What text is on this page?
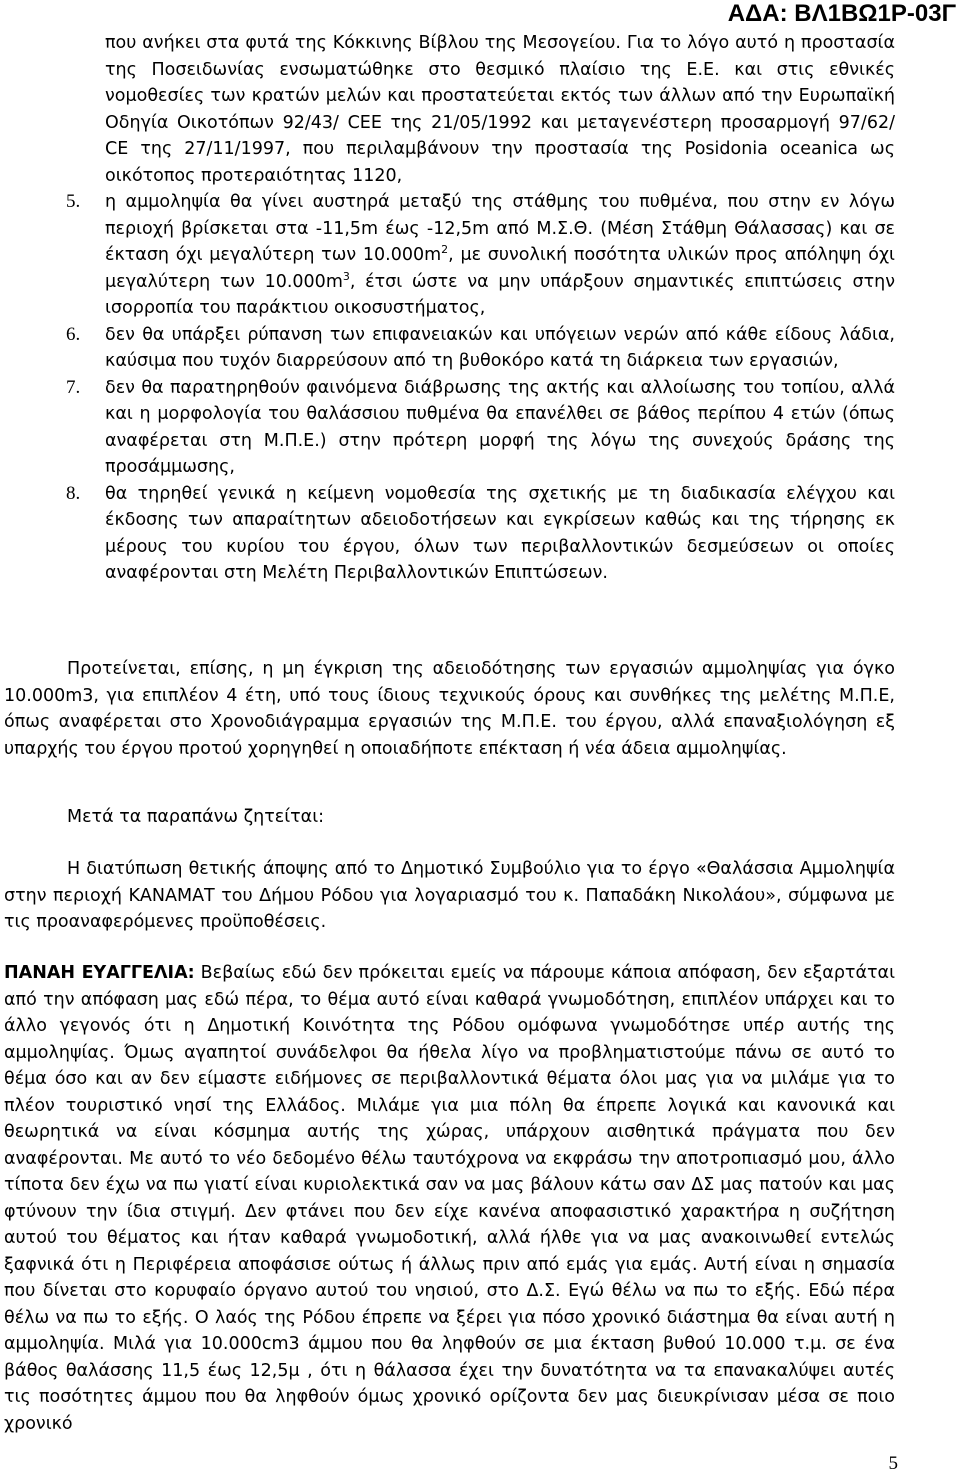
ΑΔΑ: ΒΛ1ΒΩ1Ρ-03Γ
που ανήκει στα φυτά της Κόκκινης Βίβλου της Μεσογείου. Για το λόγο αυτό η προστασία της Ποσειδωνίας ενσωματώθηκε στο θεσμικό πλαίσιο της Ε.Ε. και στις εθνικές νομοθεσίες των κρατών μελών και προστατεύεται εκτός των άλλων από την Ευρωπαϊκή Οδηγία Οικοτόπων 92/43/ CEE της 21/05/1992 και μεταγενέστερη προσαρμογή 97/62/ CE της 27/11/1997, που περιλαμβάνουν την προστασία της Posidonia oceanica ως οικότοπος προτεραιότητας 1120,
5. η αμμοληψία θα γίνει αυστηρά μεταξύ της στάθμης του πυθμένα, που στην εν λόγω περιοχή βρίσκεται στα -11,5m έως -12,5m από Μ.Σ.Θ. (Μέση Στάθμη Θάλασσας) και σε έκταση όχι μεγαλύτερη των $10.000m^2$, με συνολική ποσότητα υλικών προς απόληψη όχι μεγαλύτερη των $10.000m^3$, έτσι ώστε να μην υπάρξουν σημαντικές επιπτώσεις στην ισορροπία του παράκτιου οικοσυστήματος,
6. δεν θα υπάρξει ρύπανση των επιφανειακών και υπόγειων νερών από κάθε είδους λάδια, καύσιμα που τυχόν διαρρεύσουν από τη βυθοκόρο κατά τη διάρκεια των εργασιών,
7. δεν θα παρατηρηθούν φαινόμενα διάβρωσης της ακτής και αλλοίωσης του τοπίου, αλλά και η μορφολογία του θαλάσσιου πυθμένα θα επανέλθει σε βάθος περίπου 4 ετών (όπως αναφέρεται στη Μ.Π.Ε.) στην πρότερη μορφή της λόγω της συνεχούς δράσης της προσάμμωσης,
8. θα τηρηθεί γενικά η κείμενη νομοθεσία της σχετικής με τη διαδικασία ελέγχου και έκδοσης των απαραίτητων αδειοδοτήσεων και εγκρίσεων καθώς και της τήρησης εκ μέρους του κυρίου του έργου, όλων των περιβαλλοντικών δεσμεύσεων οι οποίες αναφέρονται στη Μελέτη Περιβαλλοντικών Επιπτώσεων.
Προτείνεται, επίσης, η μη έγκριση της αδειοδότησης των εργασιών αμμοληψίας για όγκο 10.000m3, για επιπλέον 4 έτη, υπό τους ίδιους τεχνικούς όρους και συνθήκες της μελέτης Μ.Π.Ε, όπως αναφέρεται στο Χρονοδιάγραμμα εργασιών της Μ.Π.Ε. του έργου, αλλά επαναξιολόγηση εξ υπαρχής του έργου προτού χορηγηθεί η οποιαδήποτε επέκταση ή νέα άδεια αμμοληψίας.
Μετά τα παραπάνω ζητείται:
Η διατύπωση θετικής άποψης από το Δημοτικό Συμβούλιο για το έργο «Θαλάσσια Αμμοληψία στην περιοχή ΚΑΝΑΜΑΤ του Δήμου Ρόδου για λογαριασμό του κ. Παπαδάκη Νικολάου», σύμφωνα με τις προαναφερόμενες προϋποθέσεις.
ΠΑΝΑΗ ΕΥΑΓΓΕΛΙΑ: Βεβαίως εδώ δεν πρόκειται εμείς να πάρουμε κάποια απόφαση, δεν εξαρτάται από την απόφαση μας εδώ πέρα, το θέμα αυτό είναι καθαρά γνωμοδότηση, επιπλέον υπάρχει και το άλλο γεγονός ότι η Δημοτική Κοινότητα της Ρόδου ομόφωνα γνωμοδότησε υπέρ αυτής της αμμοληψίας. Όμως αγαπητοί συνάδελφοι θα ήθελα λίγο να προβληματιστούμε πάνω σε αυτό το θέμα όσο και αν δεν είμαστε ειδήμονες σε περιβαλλοντικά θέματα όλοι μας για να μιλάμε για το πλέον τουριστικό νησί της Ελλάδος. Μιλάμε για μια πόλη θα έπρεπε λογικά και κανονικά και θεωρητικά να είναι κόσμημα αυτής της χώρας, υπάρχουν αισθητικά πράγματα που δεν αναφέρονται. Με αυτό το νέο δεδομένο θέλω ταυτόχρονα να εκφράσω την αποτροπιασμό μου, άλλο τίποτα δεν έχω να πω γιατί είναι κυριολεκτικά σαν να μας βάλουν κάτω σαν ΔΣ μας πατούν και μας φτύνουν την ίδια στιγμή. Δεν φτάνει που δεν είχε κανένα αποφασιστικό χαρακτήρα η συζήτηση αυτού του θέματος και ήταν καθαρά γνωμοδοτική, αλλά ήλθε για να μας ανακοινωθεί εντελώς ξαφνικά ότι η Περιφέρεια αποφάσισε ούτως ή άλλως πριν από εμάς για εμάς. Αυτή είναι η σημασία που δίνεται στο κορυφαίο όργανο αυτού του νησιού, στο Δ.Σ. Εγώ θέλω να πω το εξής. Εδώ πέρα θέλω να πω το εξής. Ο λαός της Ρόδου έπρεπε να ξέρει για πόσο χρονικό διάστημα θα είναι αυτή η αμμοληψία. Μιλά για 10.000cm3 άμμου που θα ληφθούν σε μια έκταση βυθού 10.000 τ.μ. σε ένα βάθος θαλάσσης 11,5 έως 12,5μ , ότι η θάλασσα έχει την δυνατότητα να τα επανακαλύψει αυτές τις ποσότητες άμμου που θα ληφθούν όμως χρονικό ορίζοντα δεν μας διευκρίνισαν μέσα σε ποιο χρονικό
5
